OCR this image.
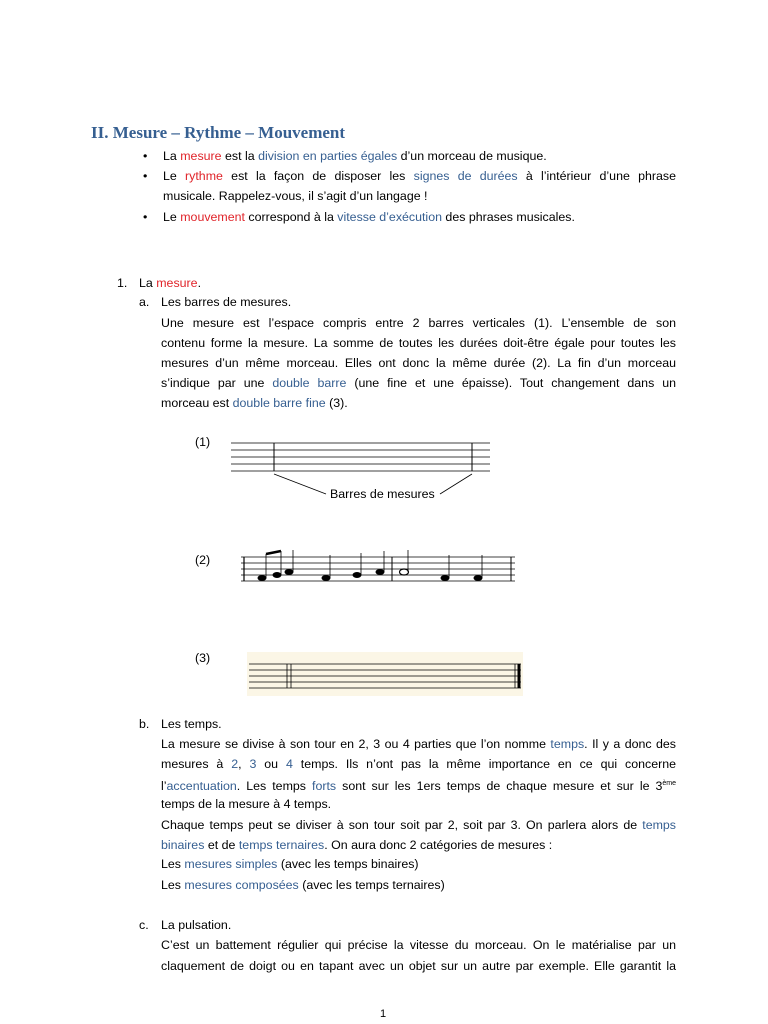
II. Mesure – Rythme – Mouvement
• La mesure est la division en parties égales d’un morceau de musique.
• Le rythme est la façon de disposer les signes de durées à l’intérieur d’une phrase
musicale. Rappelez-vous, il s’agit d’un langage !
• Le mouvement correspond à la vitesse d’exécution des phrases musicales.
1. La mesure.
a. Les barres de mesures.
Une mesure est l’espace compris entre 2 barres verticales (1). L’ensemble de son
contenu forme la mesure. La somme de toutes les durées doit-être égale pour toutes les
mesures d’un même morceau. Elles ont donc la même durée (2). La fin d’un morceau
s’indique par une double barre (une fine et une épaisse). Tout changement dans un
morceau est double barre fine (3).
(1)
Barres de mesures
(2)
(3)
b. Les temps.
La mesure se divise à son tour en 2, 3 ou 4 parties que l’on nomme temps. Il y a donc des
mesures à 2, 3 ou 4 temps. Ils n’ont pas la même importance en ce qui concerne
l’accentuation. Les temps forts sont sur les 1ers temps de chaque mesure et sur le 3ème
temps de la mesure à 4 temps.
Chaque temps peut se diviser à son tour soit par 2, soit par 3. On parlera alors de temps
binaires et de temps ternaires. On aura donc 2 catégories de mesures :
Les mesures simples (avec les temps binaires)
Les mesures composées (avec les temps ternaires)
c. La pulsation.
C’est un battement régulier qui précise la vitesse du morceau. On le matérialise par un
claquement de doigt ou en tapant avec un objet sur un autre par exemple. Elle garantit la
1
